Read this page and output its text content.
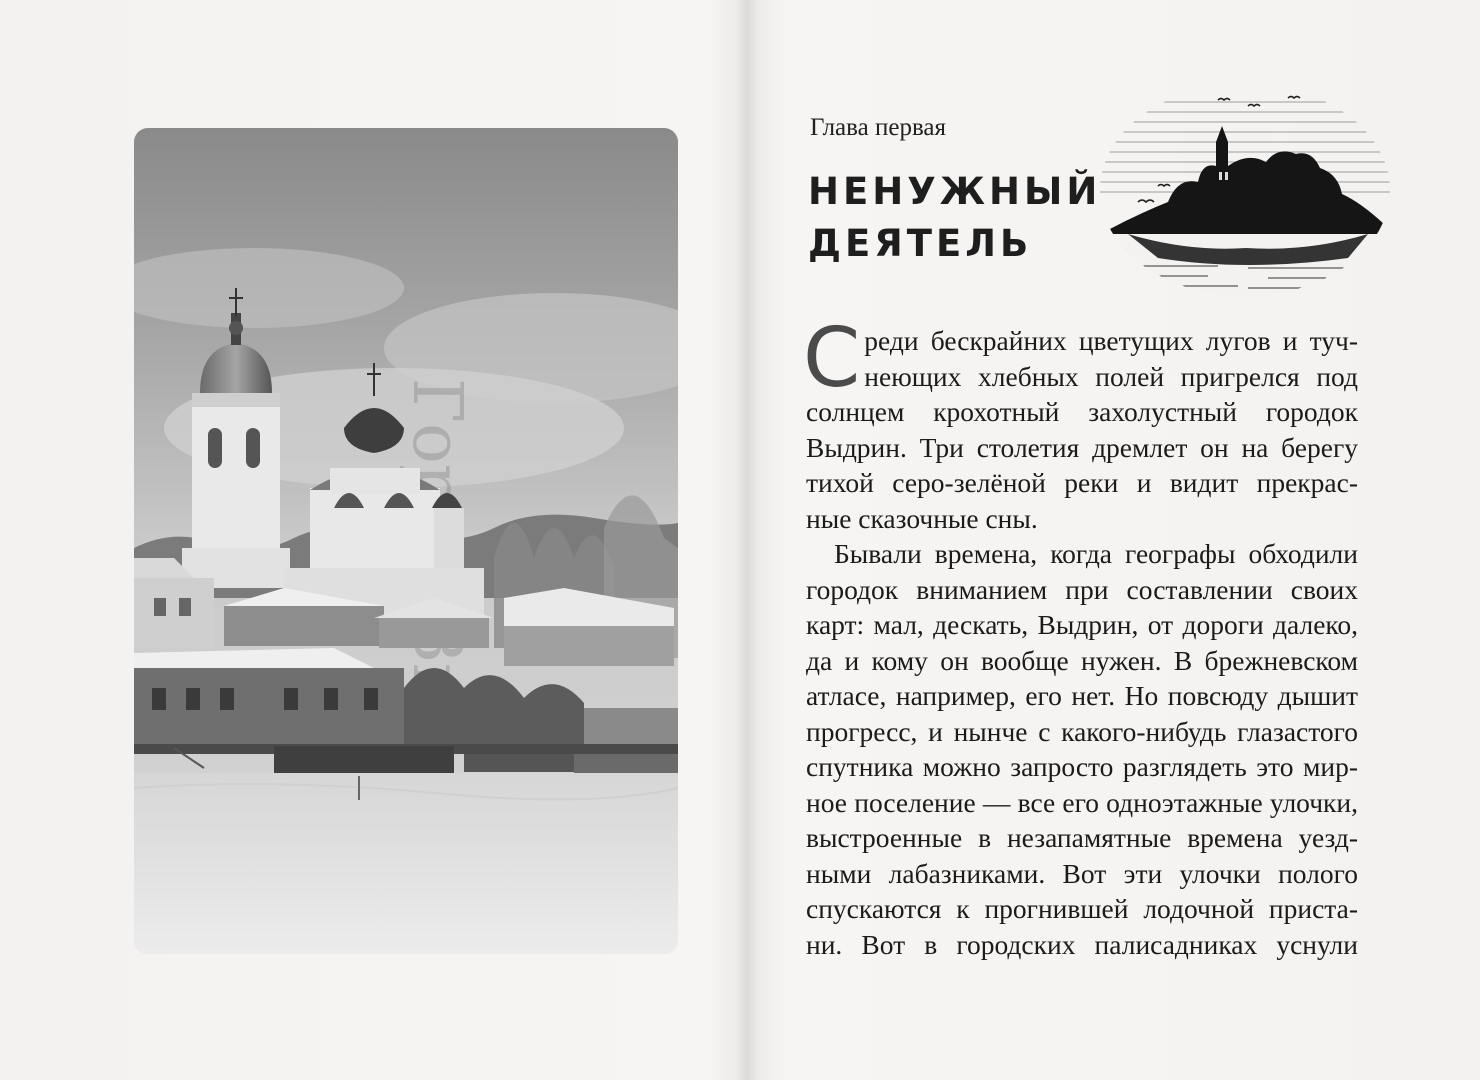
Глава первая
НЕНУЖНЫЙ
ДЕЯТЕЛЬ

С реди бескрайних цветущих лугов и туч-
неющих хлебных полей пригрелся под
солнцем крохотный захолустный городок
Выдрин. Три столетия дремлет он на берегу
тихой серо-зелёной реки и видит прекрас-
ные сказочные сны.

Бывали времена, когда географы обходили
городок вниманием при составлении своих
карт: мал, дескать, Выдрин, от дороги далеко,
да и кому он вообще нужен. В брежневском
атласе, например, его нет. Но повсюду дышит
прогресс, и нынче с какого-нибудь глазастого
спутника можно запросто разглядеть это мир-
ное поселение — все его одноэтажные улочки,
выстроенные в незапамятные времена уезд-
ными лабазниками. Вот эти улочки полого
спускаются к прогнившей лодочной приста-
ни. Вот в городских палисадниках уснули
